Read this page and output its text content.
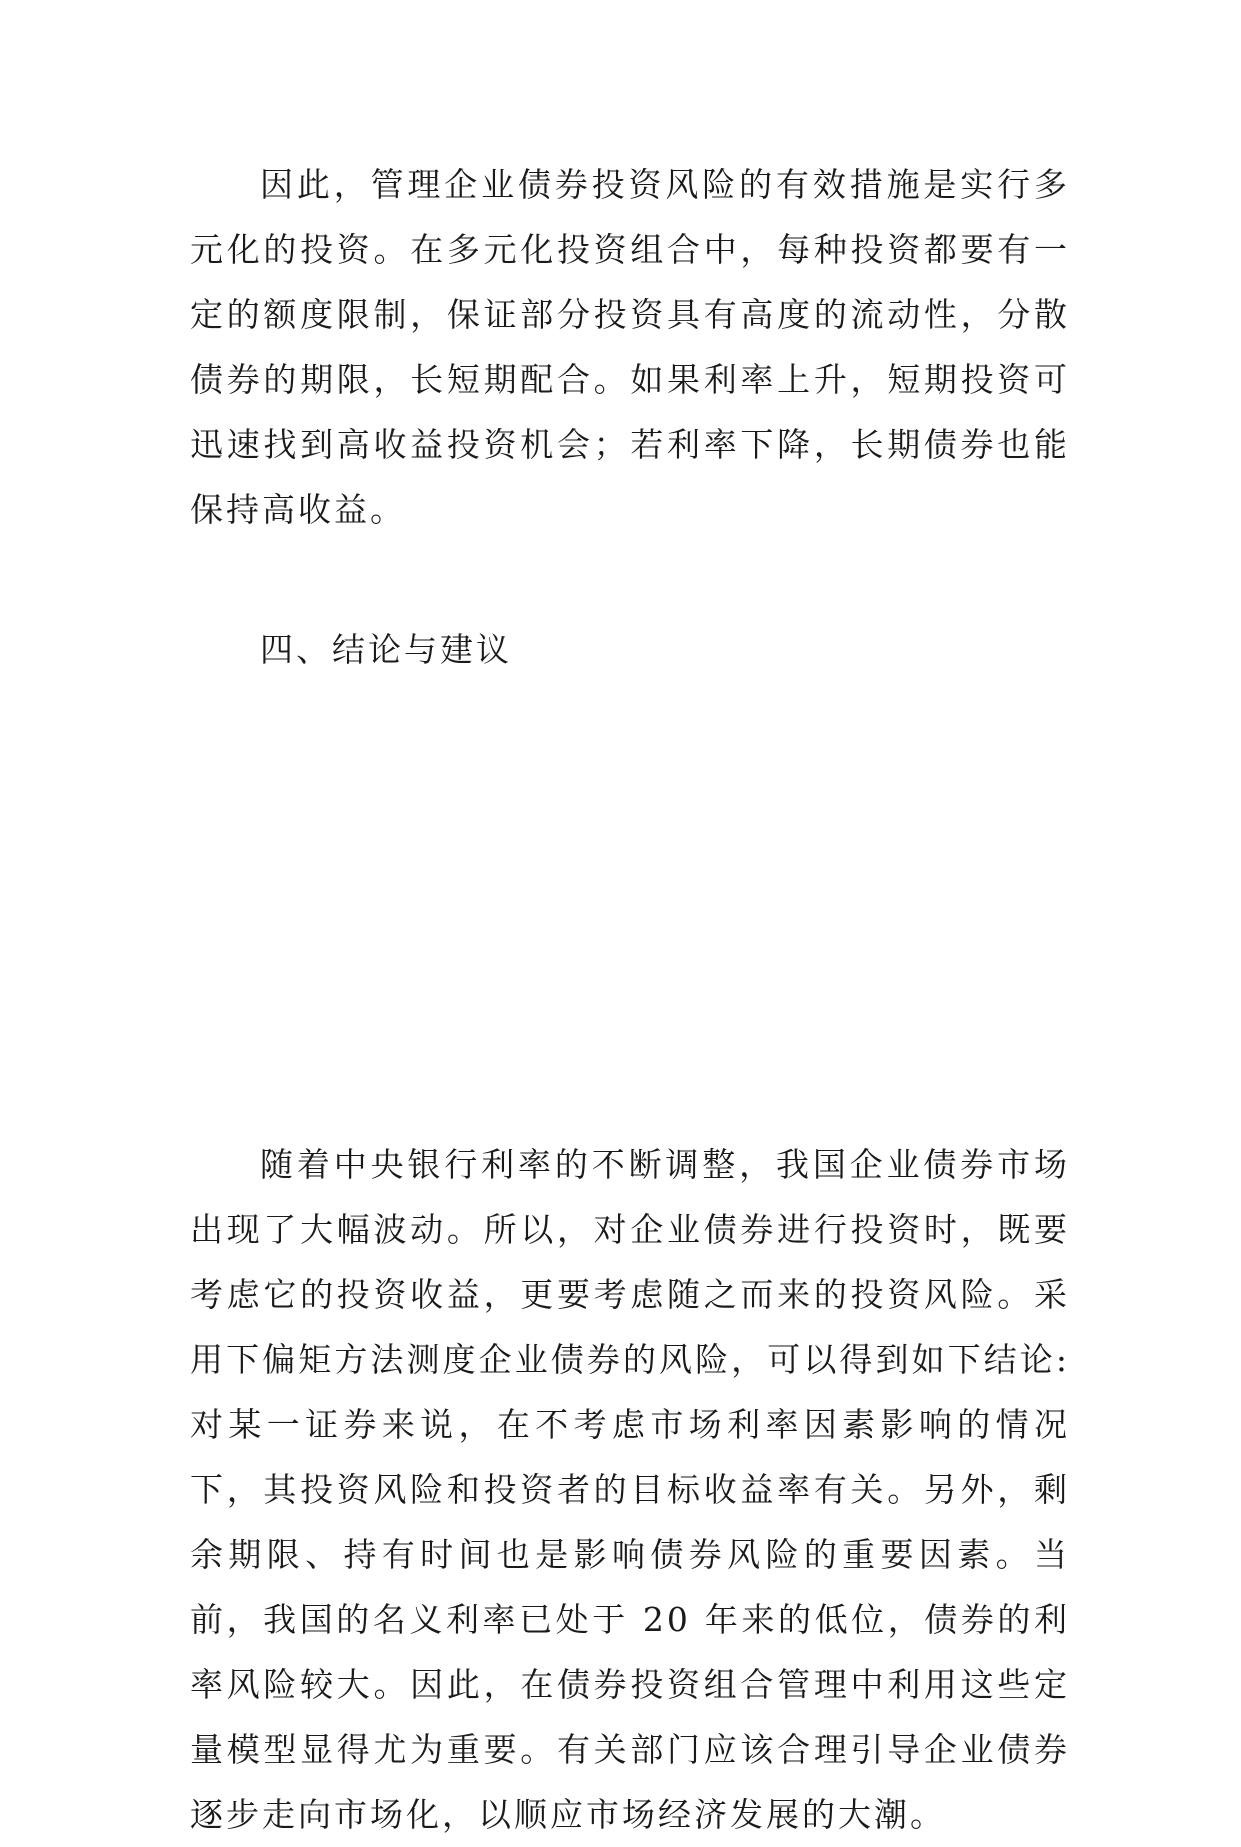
因此，管理企业债券投资风险的有效措施是实行多元化的投资。在多元化投资组合中，每种投资都要有一定的额度限制，保证部分投资具有高度的流动性，分散债券的期限，长短期配合。如果利率上升，短期投资可迅速找到高收益投资机会；若利率下降，长期债券也能保持高收益。

四、结论与建议

随着中央银行利率的不断调整，我国企业债券市场出现了大幅波动。所以，对企业债券进行投资时，既要考虑它的投资收益，更要考虑随之而来的投资风险。采用下偏矩方法测度企业债券的风险，可以得到如下结论: 对某一证券来说，在不考虑市场利率因素影响的情况下，其投资风险和投资者的目标收益率有关。另外，剩余期限、持有时间也是影响债券风险的重要因素。当前，我国的名义利率已处于 20 年来的低位，债券的利率风险较大。因此，在债券投资组合管理中利用这些定量模型显得尤为重要。有关部门应该合理引导企业债券逐步走向市场化，以顺应市场经济发展的大潮。
